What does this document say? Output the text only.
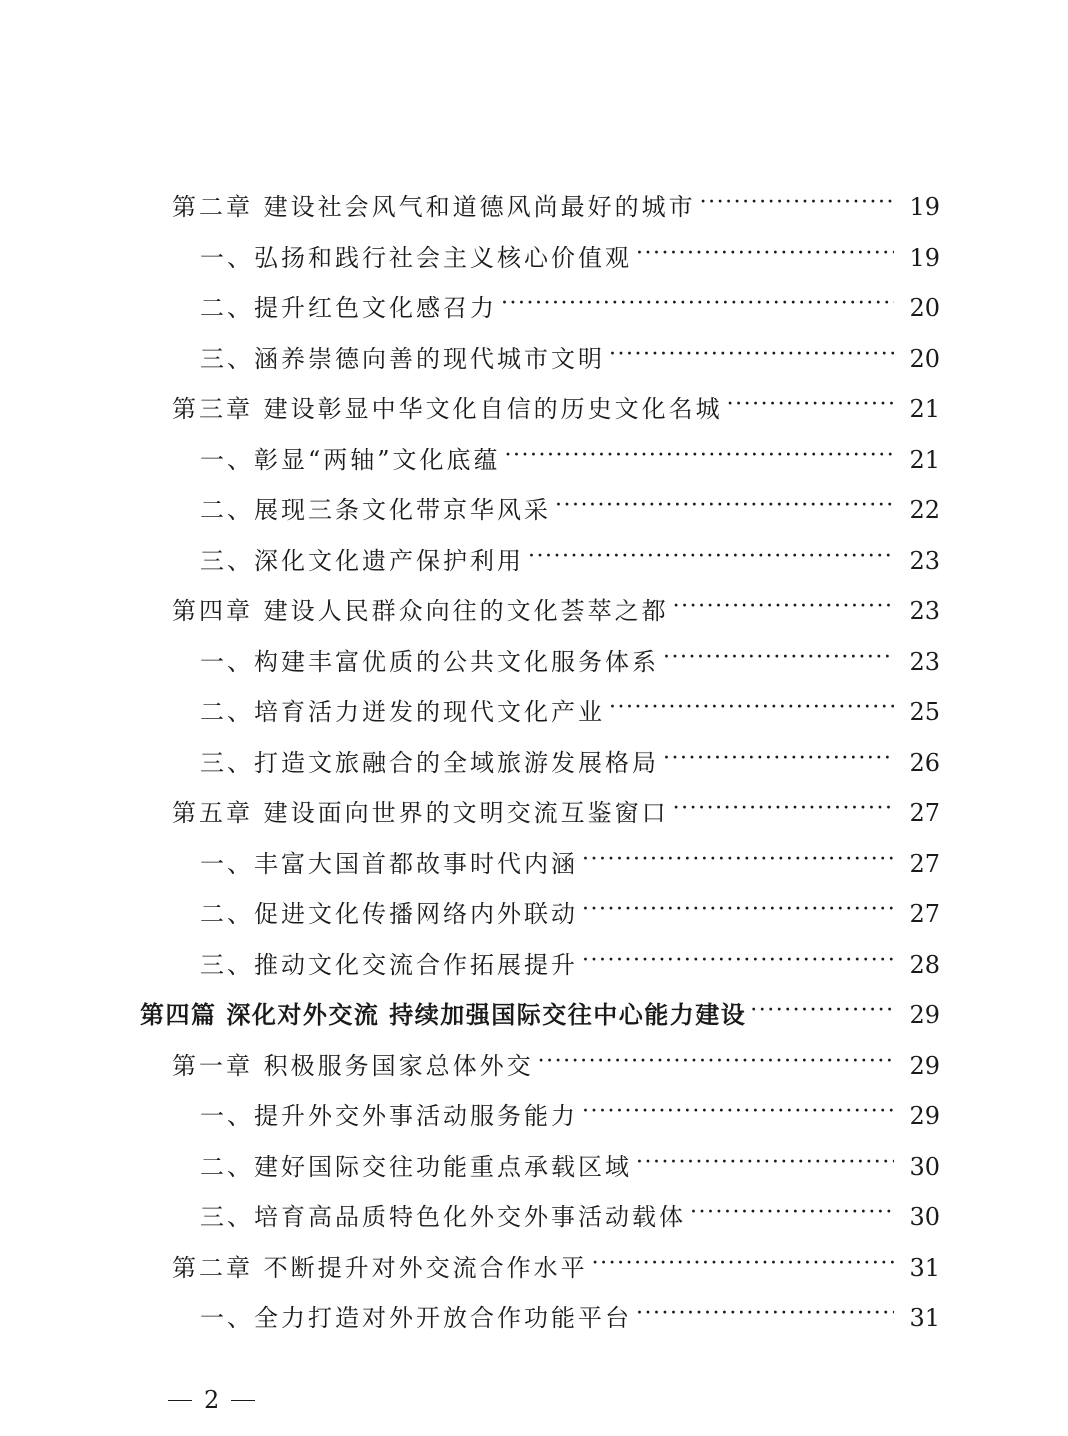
第二章 建设社会风气和道德风尚最好的城市 ·····	19
一、弘扬和践行社会主义核心价值观 ·····	19
二、提升红色文化感召力 ·····	20
三、涵养崇德向善的现代城市文明 ·····	20
第三章 建设彰显中华文化自信的历史文化名城 ·····	21
一、彰显“两轴”文化底蕴 ·····	21
二、展现三条文化带京华风采 ·····	22
三、深化文化遗产保护利用 ·····	23
第四章 建设人民群众向往的文化荟萃之都 ·····	23
一、构建丰富优质的公共文化服务体系 ·····	23
二、培育活力迸发的现代文化产业 ·····	25
三、打造文旅融合的全域旅游发展格局 ·····	26
第五章 建设面向世界的文明交流互鉴窗口 ·····	27
一、丰富大国首都故事时代内涵 ·····	27
二、促进文化传播网络内外联动 ·····	27
三、推动文化交流合作拓展提升 ·····	28
第四篇 深化对外交流 持续加强国际交往中心能力建设 ·····	29
第一章 积极服务国家总体外交 ·····	29
一、提升外交外事活动服务能力 ·····	29
二、建好国际交往功能重点承载区域 ·····	30
三、培育高品质特色化外交外事活动载体 ·····	30
第二章 不断提升对外交流合作水平 ·····	31
一、全力打造对外开放合作功能平台 ·····	31
2
